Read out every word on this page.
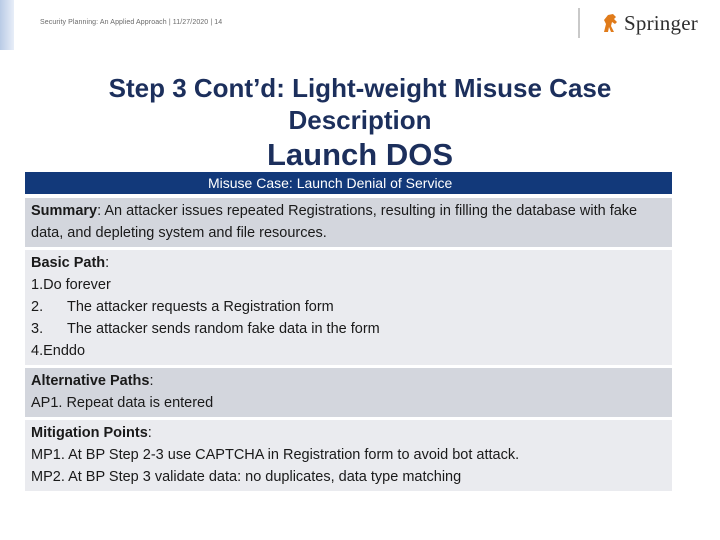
Security Planning: An Applied Approach | 11/27/2020 | 14	Springer
Step 3 Cont’d: Light-weight Misuse Case
Description
Launch DOS
Misuse Case: Launch Denial of Service
Summary: An attacker issues repeated Registrations, resulting in filling the database with fake data, and depleting system and file resources.
Basic Path:
1.Do forever
2. The attacker requests a Registration form
3. The attacker sends random fake data in the form
4.Enddo
Alternative Paths:
AP1. Repeat data is entered
Mitigation Points:
MP1. At BP Step 2-3 use CAPTCHA in Registration form to avoid bot attack.
MP2. At BP Step 3 validate data: no duplicates, data type matching
